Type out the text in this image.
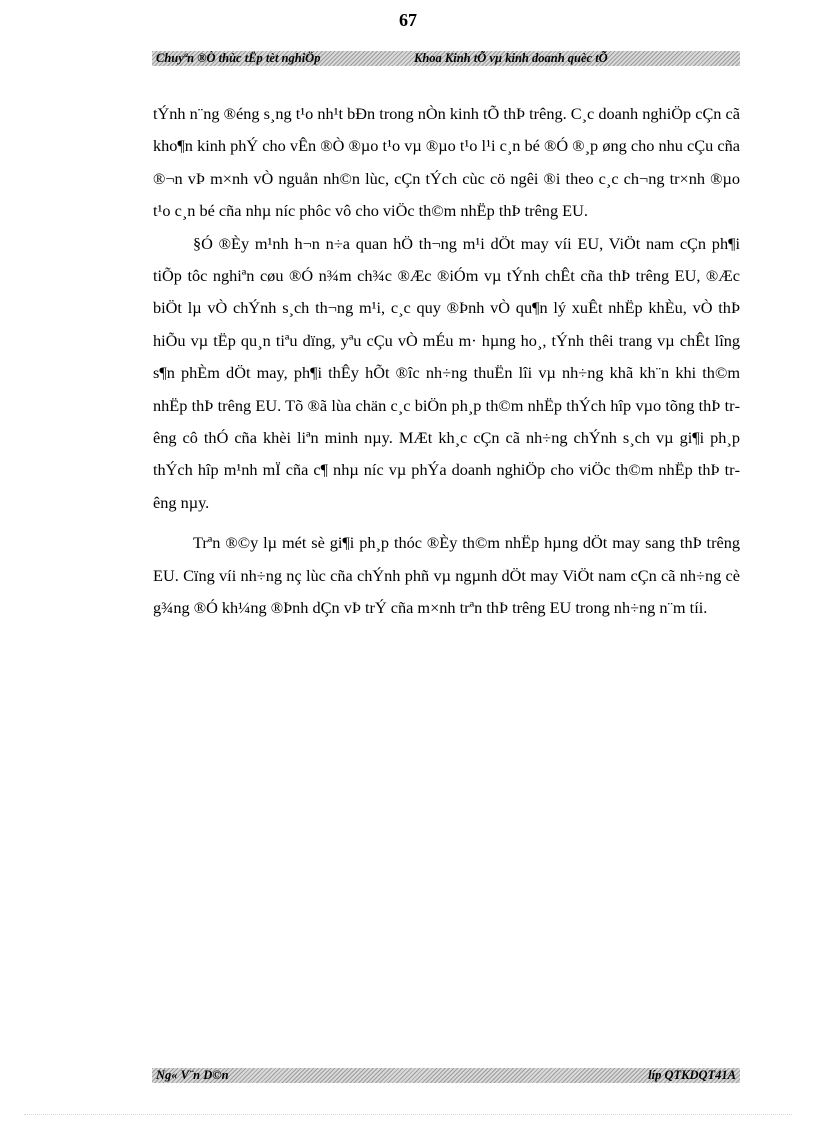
67
Chuyªn ®Ò thùc tËp tèt nghiÖp	Khoa Kinh tÕ vµ kinh doanh quèc tÕ

tÝnh n¨ng ®éng s¸ng t¹o nh¹t bÐn trong nÒn kinh tÕ thÞ trêng. C¸c doanh nghiÖp cÇn cã kho¶n kinh phÝ cho vÊn ®Ò ®µo t¹o vµ ®µo t¹o l¹i c¸n bé ®Ó ®¸p øng cho nhu cÇu cña ®¬n vÞ m×nh vÒ nguån nh©n lùc, cÇn tÝch cùc cö ngêi ®i theo c¸c ch¬ng tr×nh ®µo t¹o c¸n bé cña nhµ níc phôc vô cho viÖc th©m nhËp thÞ trêng EU.

§Ó ®Èy m¹nh h¬n n÷a quan hÖ th¬ng m¹i dÖt may víi EU, ViÖt nam cÇn ph¶i tiÕp tôc nghiªn cøu ®Ó n¾m ch¾c ®Æc ®iÓm vµ tÝnh chÊt cña thÞ trêng EU, ®Æc biÖt lµ vÒ chÝnh s¸ch th¬ng m¹i, c¸c quy ®Þnh vÒ qu¶n lý xuÊt nhËp khÈu, vÒ thÞ hiÕu vµ tËp qu¸n tiªu dïng, yªu cÇu vÒ mÉu m· hµng ho¸, tÝnh thêi trang vµ chÊt lîng s¶n phÈm dÖt may, ph¶i thÊy hÕt ®îc nh÷ng thuËn lîi vµ nh÷ng khã kh¨n khi th©m nhËp thÞ trêng EU. Tõ ®ã lùa chän c¸c biÖn ph¸p th©m nhËp thÝch hîp vµo tõng thÞ trêng cô thÓ cña khèi liªn minh nµy. MÆt kh¸c cÇn cã nh÷ng chÝnh s¸ch vµ gi¶i ph¸p thÝch hîp m¹nh mÏ cña c¶ nhµ níc vµ phÝa doanh nghiÖp cho viÖc th©m nhËp thÞ trêng nµy.

Trªn ®©y lµ mét sè gi¶i ph¸p thóc ®Èy th©m nhËp hµng dÖt may sang thÞ trêng EU. Cïng víi nh÷ng nç lùc cña chÝnh phñ vµ ngµnh dÖt may ViÖt nam cÇn cã nh÷ng cè g¾ng ®Ó kh¼ng ®Þnh dÇn vÞ trÝ cña m×nh trªn thÞ trêng EU trong nh÷ng n¨m tíi.

Ng« V¨n D©n	líp QTKDQT41A
